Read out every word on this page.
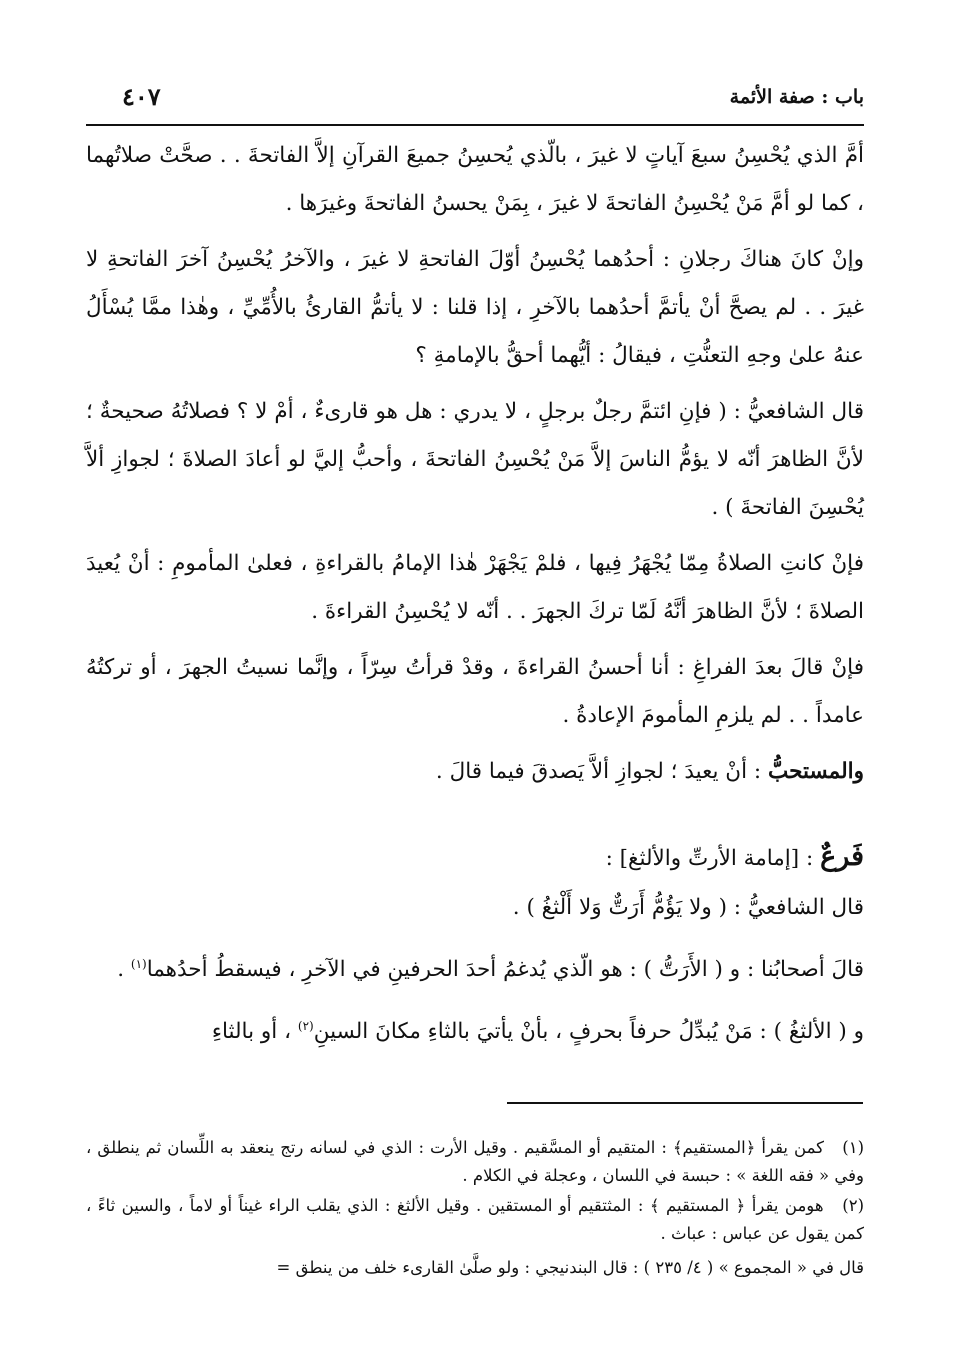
باب : صفة الأئمة
٤٠٧

أمَّ الذي يُحْسِنُ سبعَ آياتٍ لا غيرَ ، بالّذي يُحسِنُ جميعَ القرآنِ إلاَّ الفاتحةَ . . صحَّتْ صلاتُهما ، كما لو أمَّ مَنْ يُحْسِنُ الفاتحةَ لا غيرَ ، بِمَنْ يحسنُ الفاتحةَ وغيرَها .

وإنْ كانَ هناكَ رجلانِ : أحدُهما يُحْسِنُ أوّلَ الفاتحةِ لا غيرَ ، والآخرُ يُحْسِنُ آخرَ الفاتحةِ لا غيرَ . . لم يصحَّ أنْ يأتمَّ أحدُهما بالآخرِ ، إذا قلنا : لا يأتمُّ القارئُ بالأُمِّيِّ ، وهٰذا ممَّا يُسْأَلُ عنهُ علىٰ وجهِ التعنُّتِ ، فيقالُ : أيُّهما أحقُّ بالإمامةِ ؟

قال الشافعيُّ : ( فإنِ ائتمَّ رجلٌ برجلٍ ، لا يدري : هل هو قارىءٌ ، أمْ لا ؟ فصلاتُهُ صحيحةٌ ؛ لأنَّ الظاهرَ أنّه لا يؤمُّ الناسَ إلاَّ مَنْ يُحْسِنُ الفاتحةَ ، وأحبُّ إليَّ لو أعادَ الصلاةَ ؛ لجوازِ ألاَّ يُحْسِنَ الفاتحةَ ) .

فإنْ كانتِ الصلاةُ مِمّا يُجْهَرُ فِيها ، فلمْ يَجْهَرْ هٰذا الإمامُ بالقراءةِ ، فعلىٰ المأمومِ : أنْ يُعيدَ الصلاةَ ؛ لأنَّ الظاهرَ أنَّهُ لَمّا تركَ الجهرَ . . أنّه لا يُحْسِنُ القراءةَ .

فإنْ قالَ بعدَ الفراغِ : أنا أحسنُ القراءةَ ، وقدْ قرأتُ سِرّاً ، وإنَّما نسيتُ الجهرَ ، أو تركتُهُ عامداً . . لم يلزمِ المأمومَ الإعادةُ .

والمستحبُّ : أنْ يعيدَ ؛ لجوازِ ألاَّ يَصدقَ فيما قالَ .

فَرعٌ : [إمامة الأرتِّ والألثغ] :

قال الشافعيُّ : ( ولا يَؤُمُّ أَرَتٌّ وَلا أَلْثغُ ) .

قالَ أصحابُنا : و ( الأَرَتُّ ) : هو الّذي يُدغمُ أحدَ الحرفينِ في الآخرِ ، فيسقطُ أحدُهما$^{(١)}$ .

و ( الألثغُ ) : مَنْ يُبدِّلُ حرفاً بحرفٍ ، بأنْ يأتيَ بالثاءِ مكانَ السينِ$^{(٢)}$ ، أو بالثاءِ

(١) كمن يقرأ ﴿المستقيم﴾ : المتقيم أو المسَّقيم . وقيل الأرت : الذي في لسانه رتج ينعقد به اللِّسان ثم ينطلق ، وفي « فقه اللغة » : حبسة في اللسان ، وعجلة في الكلام .
(٢) هومن يقرأ ﴿ المستقيم ﴾ : المثتقيم أو المستقين . وقيل الألثغ : الذي يقلب الراء غيناً أو لاماً ، والسين ثاءً ، كمن يقول عن عباس : عباث .
قال في « المجموع » ( ٤/ ٢٣٥ ) : قال البندنيجي : ولو صلَّىٰ القارىء خلف من ينطق =
